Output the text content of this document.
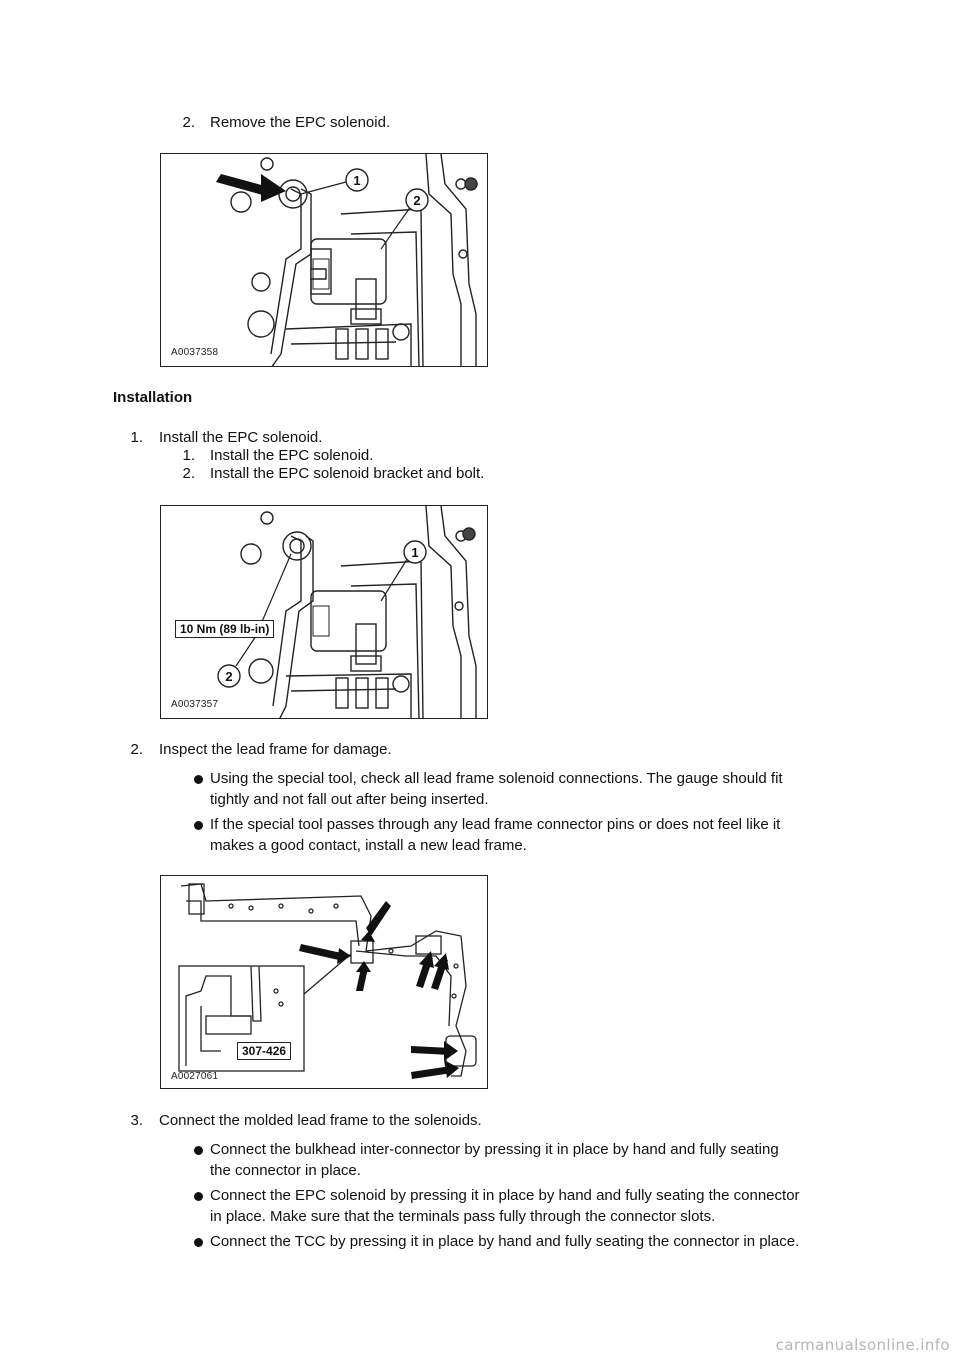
2. Remove the EPC solenoid.
1
2
A0037358
Installation
1. Install the EPC solenoid.
1. Install the EPC solenoid.
2. Install the EPC solenoid bracket and bolt.
1
2
10 Nm (89 lb-in)
A0037357
2. Inspect the lead frame for damage.
Using the special tool, check all lead frame solenoid connections. The gauge should fit
tightly and not fall out after being inserted.
If the special tool passes through any lead frame connector pins or does not feel like it
makes a good contact, install a new lead frame.
307-426
A0027061
3. Connect the molded lead frame to the solenoids.
Connect the bulkhead inter-connector by pressing it in place by hand and fully seating
the connector in place.
Connect the EPC solenoid by pressing it in place by hand and fully seating the connector
in place. Make sure that the terminals pass fully through the connector slots.
Connect the TCC by pressing it in place by hand and fully seating the connector in place.
carmanualsonline.info
